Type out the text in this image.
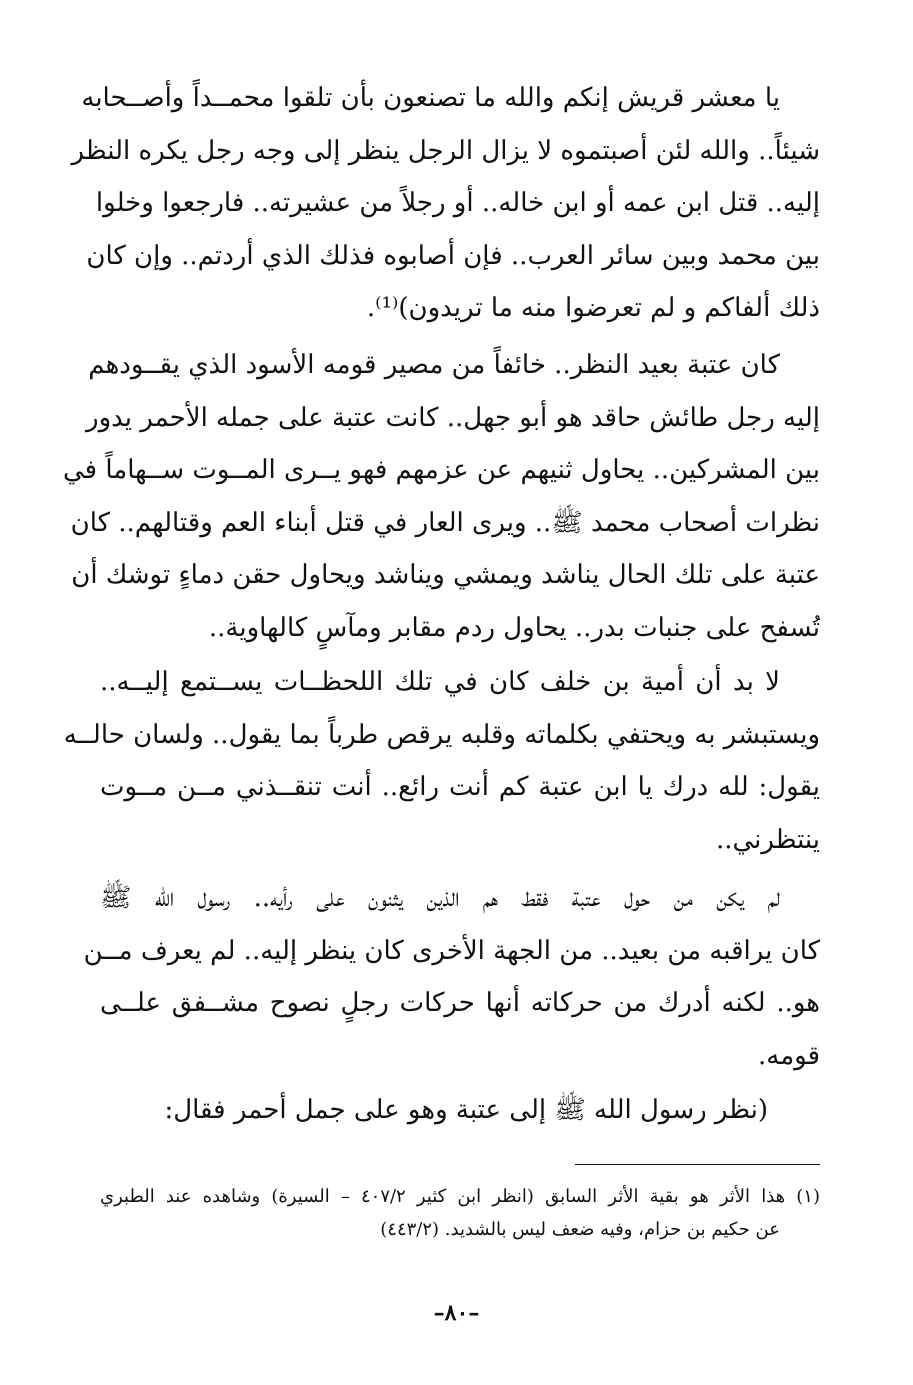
يا معشر قريش إنكم والله ما تصنعون بأن تلقوا محمــداً وأصــحابه
شيئاً.. والله لئن أصبتموه لا يزال الرجل ينظر إلى وجه رجل يكره النظر
إليه.. قتل ابن عمه أو ابن خاله.. أو رجلاً من عشيرته.. فارجعوا وخلوا
بين محمد وبين سائر العرب.. فإن أصابوه فذلك الذي أردتم.. وإن كان
ذلك ألفاكم و لم تعرضوا منه ما تريدون)⁽¹⁾.
كان عتبة بعيد النظر.. خائفاً من مصير قومه الأسود الذي يقــودهم
إليه رجل طائش حاقد هو أبو جهل.. كانت عتبة على جمله الأحمر يدور
بين المشركين.. يحاول ثنيهم عن عزمهم فهو يــرى المــوت ســهاماً في
نظرات أصحاب محمد ﷺ.. ويرى العار في قتل أبناء العم وقتالهم.. كان
عتبة على تلك الحال يناشد ويمشي ويناشد ويحاول حقن دماءٍ توشك أن
تُسفح على جنبات بدر.. يحاول ردم مقابر ومآسٍ كالهاوية..
لا بد أن أمية بن خلف كان في تلك اللحظــات يســتمع إليــه..
ويستبشر به ويحتفي بكلماته وقلبه يرقص طرباً بما يقول.. ولسان حالــه
يقول: لله درك يا ابن عتبة كم أنت رائع.. أنت تنقــذني مــن مــوت
ينتظرني..
لم يكن من حول عتبة فقط هم الذين يثنون على رأيه.. رسول الله ﷺ
كان يراقبه من بعيد.. من الجهة الأخرى كان ينظر إليه.. لم يعرف مــن
هو.. لكنه أدرك من حركاته أنها حركات رجلٍ نصوح مشــفق علــى
قومه.
(نظر رسول الله ﷺ إلى عتبة وهو على جمل أحمر فقال:
(١) هذا الأثر هو بقية الأثر السابق (انظر ابن كثير ٤٠٧/٢ – السيرة) وشاهده عند الطبري
عن حكيم بن حزام، وفيه ضعف ليس بالشديد. (٤٤٣/٢)
–٨٠–
